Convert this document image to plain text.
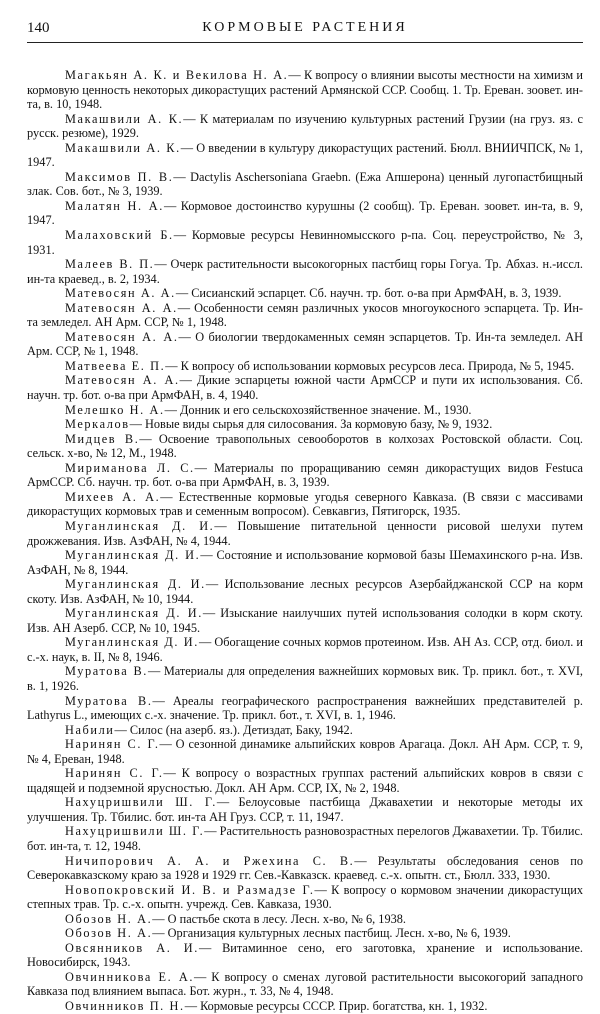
140	КОРМОВЫЕ РАСТЕНИЯ

Магакьян А. К. и Векилова Н. А.— К вопросу о влиянии высоты местности на химизм и кормовую ценность некоторых дикорастущих растений Армянской ССР. Сообщ. 1. Тр. Ереван. зоовет. ин-та, в. 10, 1948.

Макашвили А. К.— К материалам по изучению культурных растений Грузии (на груз. яз. с русск. резюме), 1929.

Макашвили А. К.— О введении в культуру дикорастущих растений. Бюлл. ВНИИЧПСК, № 1, 1947.

Максимов П. В.— Dactylis Aschersoniana Graebn. (Ежа Апшерона) ценный лугопастбищный злак. Сов. бот., № 3, 1939.

Малатян Н. А.— Кормовое достоинство курушны (2 сообщ). Тр. Ереван. зоовет. ин-та, в. 9, 1947.

Малаховский Б.— Кормовые ресурсы Невинномысского р-па. Соц. переустройство, № 3, 1931.

Малеев В. П.— Очерк растительности высокогорных пастбищ горы Гогуа. Тр. Абхаз. н.-иссл. ин-та краевед., в. 2, 1934.

Матевосян А. А.— Сисианский эспарцет. Сб. научн. тр. бот. о-ва при АрмФАН, в. 3, 1939.

Матевосян А. А.— Особенности семян различных укосов многоукосного эспарцета. Тр. Ин-та земледел. АН Арм. ССР, № 1, 1948.

Матевосян А. А.— О биологии твердокаменных семян эспарцетов. Тр. Ин-та земледел. АН Арм. ССР, № 1, 1948.

Матвеева Е. П.— К вопросу об использовании кормовых ресурсов леса. Природа, № 5, 1945.

Матевосян А. А.— Дикие эспарцеты южной части АрмССР и пути их использования. Сб. научн. тр. бот. о-ва при АрмФАН, в. 4, 1940.

Мелешко Н. А.— Донник и его сельскохозяйственное значение. М., 1930.

Меркалов— Новые виды сырья для силосования. За кормовую базу, № 9, 1932.

Мидцев В.— Освоение травопольных севооборотов в колхозах Ростовской области. Соц. сельск. х-во, № 12, М., 1948.

Мириманова Л. С.— Материалы по проращиванию семян дикорастущих видов Festuca АрмССР. Сб. научн. тр. бот. о-ва при АрмФАН, в. 3, 1939.

Михеев А. А.— Естественные кормовые угодья северного Кавказа. (В связи с массивами дикорастущих кормовых трав и семенным вопросом). Севкавгиз, Пятигорск, 1935.

Муганлинская Д. И.— Повышение питательной ценности рисовой шелухи путем дрожжевания. Изв. АзФАН, № 4, 1944.

Муганлинская Д. И.— Состояние и использование кормовой базы Шемахинского р-на. Изв. АзФАН, № 8, 1944.

Муганлинская Д. И.— Использование лесных ресурсов Азербайджанской ССР на корм скоту. Изв. АзФАН, № 10, 1944.

Муганлинская Д. И.— Изыскание наилучших путей использования солодки в корм скоту. Изв. АН Азерб. ССР, № 10, 1945.

Муганлинская Д. И.— Обогащение сочных кормов протеином. Изв. АН Аз. ССР, отд. биол. и с.-х. наук, в. II, № 8, 1946.

Муратова В.— Материалы для определения важнейших кормовых вик. Тр. прикл. бот., т. XVI, в. 1, 1926.

Муратова В.— Ареалы географического распространения важнейших представителей р. Lathyrus L., имеющих с.-х. значение. Тр. прикл. бот., т. XVI, в. 1, 1946.

Набили— Силос (на азерб. яз.). Детиздат, Баку, 1942.

Наринян С. Г.— О сезонной динамике альпийских ковров Арагаца. Докл. АН Арм. ССР, т. 9, № 4, Ереван, 1948.

Наринян С. Г.— К вопросу о возрастных группах растений альпийских ковров в связи с щадящей и подземной ярусностью. Докл. АН Арм. ССР, IX, № 2, 1948.

Нахуцришвили Ш. Г.— Белоусовые пастбища Джавахетии и некоторые методы их улучшения. Тр. Тбилис. бот. ин-та АН Груз. ССР, т. 11, 1947.

Нахуцришвили Ш. Г.— Растительность разновозрастных перелогов Джавахетии. Тр. Тбилис. бот. ин-та, т. 12, 1948.

Ничипорович А. А. и Ржехина С. В.— Результаты обследования сенов по Северокавказскому краю за 1928 и 1929 гг. Сев.-Кавказск. краевед. с.-х. опытн. ст., Бюлл. 333, 1930.

Новопокровский И. В. и Размадзе Г.— К вопросу о кормовом значении дикорастущих степных трав. Тр. с.-х. опытн. учрежд. Сев. Кавказа, 1930.

Обозов Н. А.— О пастьбе скота в лесу. Лесн. х-во, № 6, 1938.

Обозов Н. А.— Организация культурных лесных пастбищ. Лесн. х-во, № 6, 1939.

Овсянников А. И.— Витаминное сено, его заготовка, хранение и использование. Новосибирск, 1943.

Овчинникова Е. А.— К вопросу о сменах луговой растительности высокогорий западного Кавказа под влиянием выпаса. Бот. журн., т. 33, № 4, 1948.

Овчинников П. Н.— Кормовые ресурсы СССР. Прир. богатства, кн. 1, 1932.
